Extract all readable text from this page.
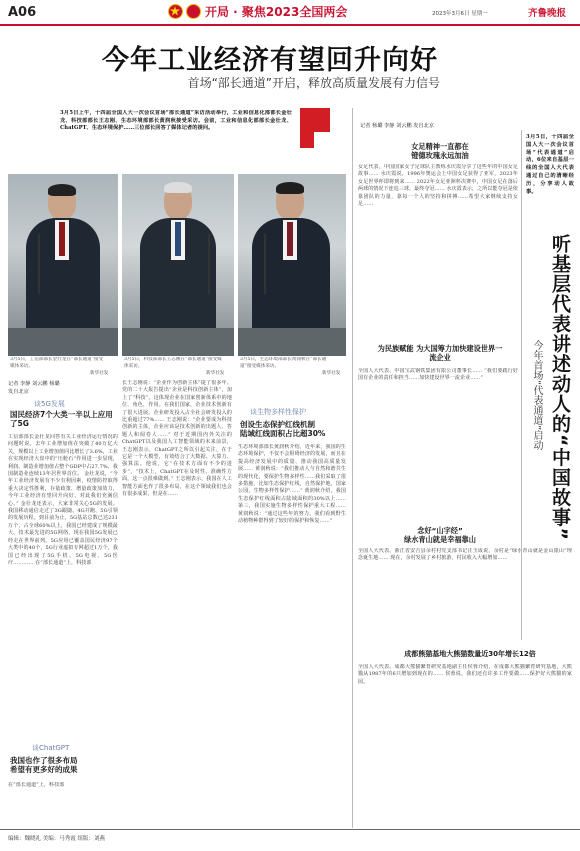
A06	开局 · 聚焦2023全国两会	2023年3月6日 星期一	齐鲁晚报
今年工业经济有望回升向好
首场“部长通道”开启，释放高质量发展有力信号
3月5日上午，十四届全国人大一次会议首场“部长通道”采访活动举行，工业和信息化部部长金壮龙、科技部部长王志刚、生态环境部部长黄润秋接受采访。会前，工业和信息化部部长金壮龙、ChatGPT、生态环境保护……三位部长回答了媒体记者的提问。
3月5日，工信部部长金壮龙在“部长通道”接受媒体采访。
新华社发
3月5日，科技部部长王志刚在“部长通道”接受媒体采访。
新华社发
3月5日，生态环境部部长黄润秋在“部长通道”接受媒体采访。
新华社发
记者 李静 刘云鹏 杨璐
发自北京
谈5G发展
国民经济7个大类一半以上应用了5G
工信部部长金壮龙回答有关工业经济运行情况的问题时说，去年工业增加值在突破了40万亿大关，规模以上工业增加值同比增长了3.6%，工业在实现经济大盘中的“压舱石”作用进一步显现，利润、制造业增加值占整个GDP中占27.7%，我国制造业连续13年居世界首位。 金壮龙说，“今年工业经济发展有不少有利因素，疫情防控取得重大决定性胜利，存量政策、增量政策加效力，今年工业经济有望回升向好，对此我们充满信心。” 金壮龙还表示，大家非常关心5G的发展。我国移动通信走过了3G跟随、4G并跑、5G引领的发展历程。到目前为止，5G基站总数已达231万个，占全球60%以上，我国已经建成了规模最大、技术最先进的5G网络，现在我国5G发展已经走在世界前列。5G应用已覆盖国民经济97个大类中的40个，5G行业虚拟专网超过1万个，我国已经出现了5G手机、5G电视、5G医疗………… 在“部长通道”上，科技部
谈ChatGPT
我国也作了很多布局
希望有更多好的成果
在“部长通道”上，科技部
长王志刚说：“企业作为创新主体”提了很多年。党的二十大报告提出“企业是科技创新主体”，加上了“科技”。这体现企业在国家创新体系中的地位，角色，作用。在我们国家，企业技术创新有了很大进展。企业研发投入占全社会研发投入的比重超过77%…… 王志刚说：“企业要成为科技创新的主体，企业应该是技术创新的出题人、答题人和阅卷人……” 对于近期国内外关注的ChatGPT以及我国人工智能领域的未来前景，王志刚表示，ChatGPT之所以引起关注，在于它是一个大模型，有效结合了大数据、大算力、强算法。他说，它“在技术方面有不少的进步”，“技术上，ChatGPT在及时性、准确性方面，这一点很难做到。” 王志刚表示，我国在人工智能方面也作了很多布局，在这个领域我们也会有很多成果，但是在……
谈生物多样性保护
创设生态保护红线机制
陆域红线面积占比超30%
生态环境部部长黄润秋介绍，近年来，我国的生态环境保护，不仅不会阻碍经济的发展，而且在提高经济发展中的质量、推动我国高质量发展…… 黄润秋说：“我们推动人与自然和谐共生的现代化，要保护生物多样性……我们采取了很多措施，比如生态保护红线，自然保护地，国家公园，生物多样性保护……” 黄润秋介绍，我国生态保护红线面积占陆域面积的30%以上…… 第三，我国实施生物多样性保护重大工程…… 黄润秋说：“通过这些年的努力，我们看到野生动植物种群得到了较好的保护和恢复……”
记者 杨璐 李静 刘云鹏 发自北京
女足精神一直都在
镫德玫瑰永远加油
女足代表，中国国家女子足球队主教练水庆霞分享了这些年的中国女足故事…… 水庆霞说，1996年奥运会上中国女足获得了亚军，2023年女足世界杯即将到来…… 2022年女足亚洲杯决赛中，中国女足在落后两球的情况下连追三球，最终夺冠…… 水庆霞表示，之所以能夺冠是依靠团队的力量，靠每一个人的坚持和拼搏……希望大家继续支持女足……
为民族赋能 为大国筹力加快建设世界一流企业
全国人大代表、中国宝武钢铁集团有限公司董事长…… “我们要践行好国有企业的责任和担当……加快建设世界一流企业……”
念好“山字经”
绿水青山就是幸福靠山
全国人大代表、浙江省安吉县余村村党支部书记汪玉成说，余村是“绿水青山就是金山银山”理念诞生地…… 现在，余村发展了乡村旅游，村民收入大幅增加……
成都熊猫基地大熊猫数量近30年增长12倍
全国人大代表、成都大熊猫繁育研究基地副主任侯蓉介绍，在成都大熊猫繁育研究基地，大熊猫从1987年的6只增加到现在的…… 侯蓉说，我们还有许多工作要做……保护好大熊猫的家园。
3月5日，十四届全国人大一次会议首场“代表通道”启动，6位来自基层一线的全国人大代表通过自己的清晰经历，分享动人故事。
听基层代表讲述动人的“中国故事”
今年首场“代表通道”启动
编辑：魏晓礼 美编：马秀霞 组版：刘燕
